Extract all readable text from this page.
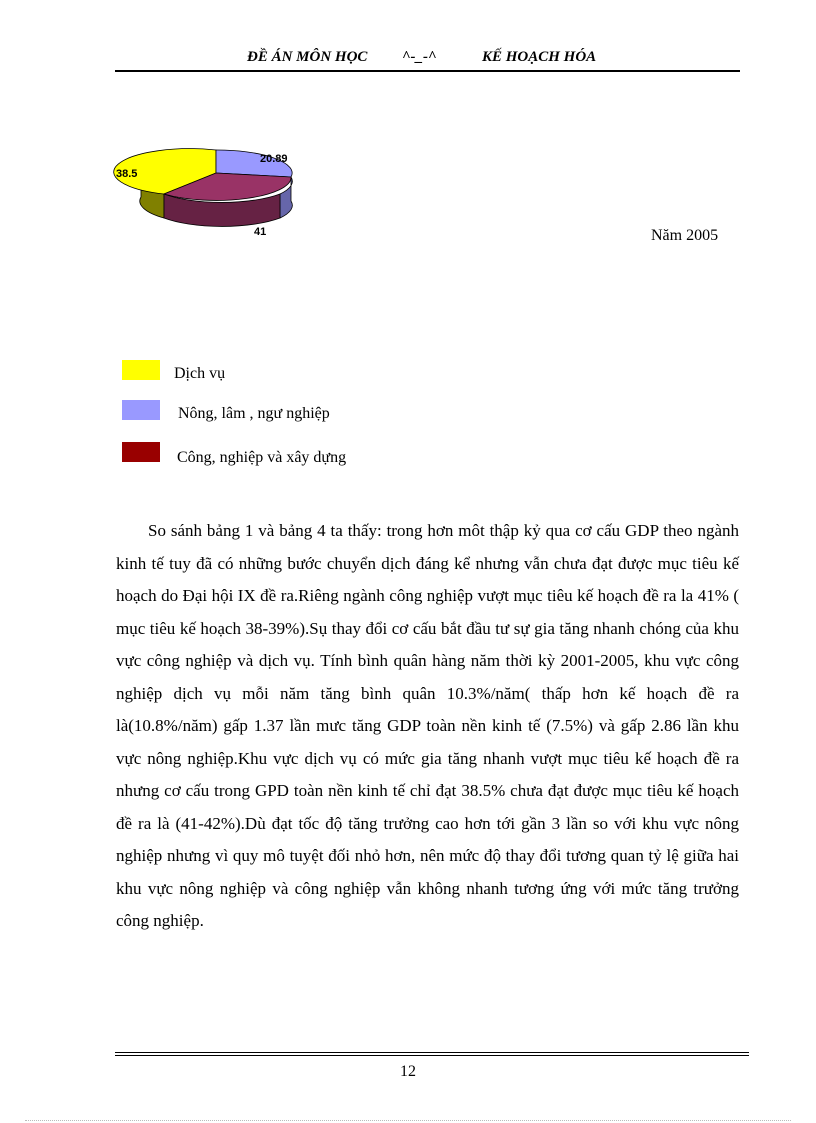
ĐỀ ÁN MÔN HỌC ^-_-^	KẾ HOẠCH HÓA
38.5
20.89
41	Năm 2005
Dịch vụ
Nông, lâm , ngư nghiệp
Công, nghiệp và xây dựng

So sánh bảng 1 và bảng 4 ta thấy: trong hơn môt thập kỷ qua cơ cấu GDP theo ngành kinh tế tuy đã có những bước chuyển dịch đáng kể nhưng vẫn chưa đạt được mục tiêu kế hoạch do Đại hội IX đề ra.Riêng ngành công nghiệp vượt mục tiêu kế hoạch đề ra la 41% ( mục tiêu kế hoạch 38-39%).Sụ thay đổi cơ cấu bắt đầu tư sự gia tăng nhanh chóng của khu vực công nghiệp và dịch vụ. Tính bình quân hàng năm thời kỳ 2001-2005, khu vực công nghiệp dịch vụ mỗi năm tăng bình quân 10.3%/năm( thấp hơn kế hoạch đề ra là(10.8%/năm) gấp 1.37 lần mưc tăng GDP toàn nền kinh tế (7.5%) và gấp 2.86 lần khu vực nông nghiệp.Khu vực dịch vụ có mức gia tăng nhanh vượt mục tiêu kế hoạch đề ra nhưng cơ cấu trong GPD toàn nền kinh tế chỉ đạt 38.5% chưa đạt được mục tiêu kế hoạch đề ra là (41-42%).Dù đạt tốc độ tăng trưởng cao hơn tới gần 3 lần so với khu vực nông nghiệp nhưng vì quy mô tuyệt đối nhỏ hơn, nên mức độ thay đổi tương quan tỷ lệ giữa hai khu vực nông nghiệp và công nghiệp vẫn không nhanh tương ứng với mức tăng trưởng công nghiệp.

12
